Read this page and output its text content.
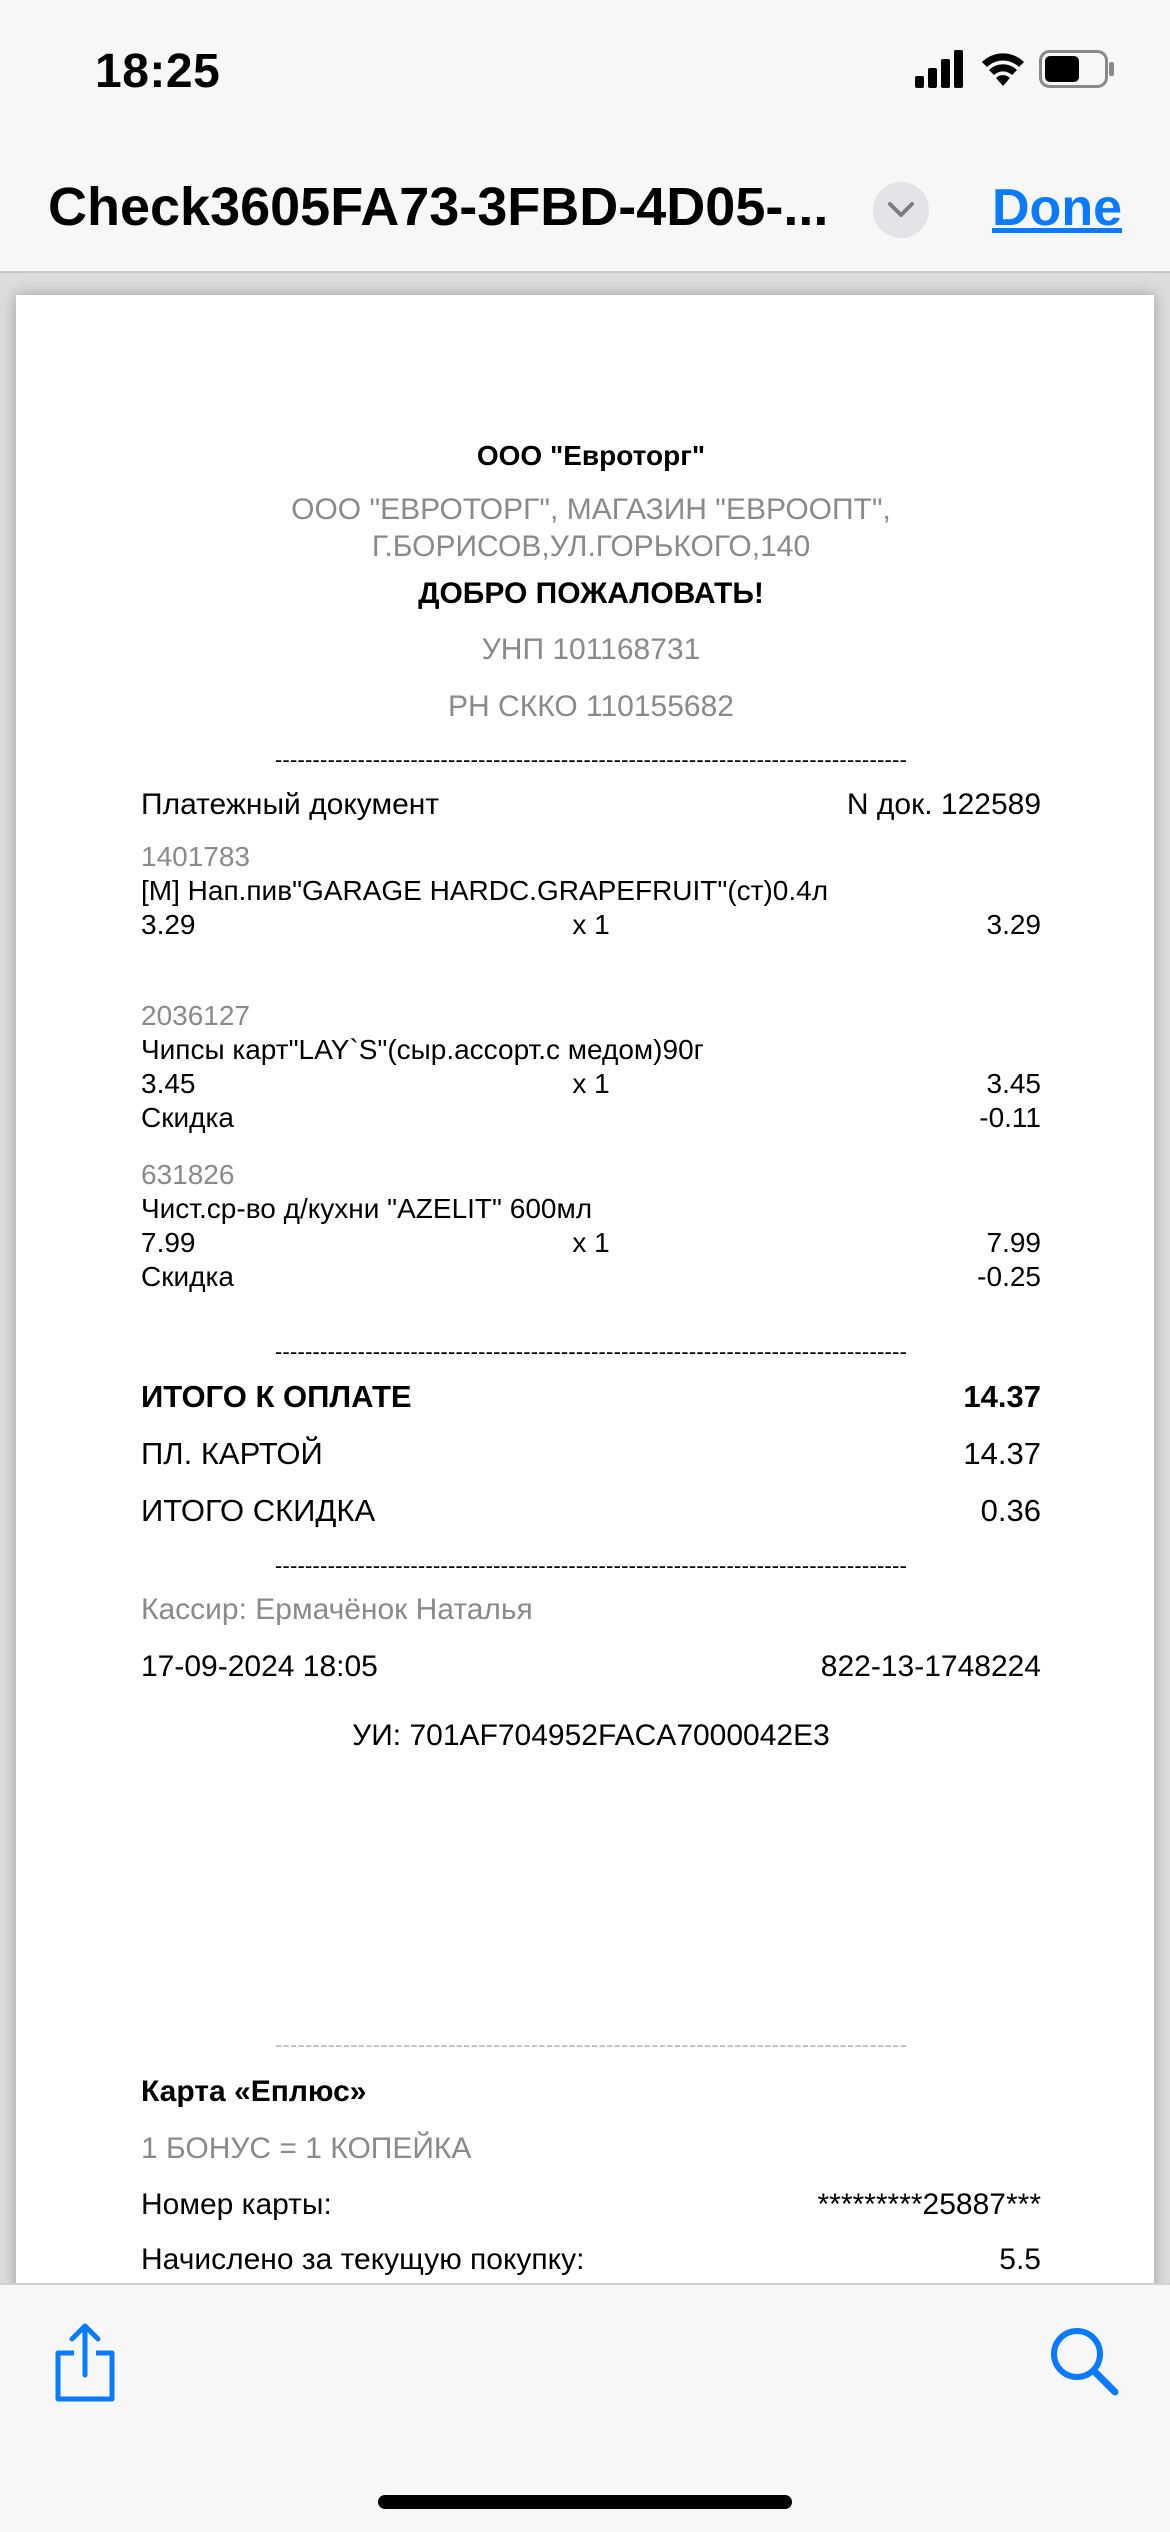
18:25
Check3605FA73-3FBD-4D05-...	Done
ООО "Евроторг"
ООО "ЕВРОТОРГ", МАГАЗИН "ЕВРООПТ",
Г.БОРИСОВ,УЛ.ГОРЬКОГО,140
ДОБРО ПОЖАЛОВАТЬ!
УНП 101168731
РН СККО 110155682
------------------------------------------------------------------------------------
Платежный документ	N док. 122589
1401783
[M] Нап.пив"GARAGE HARDC.GRAPEFRUIT"(ст)0.4л
3.29	x 1	3.29
2036127
Чипсы карт"LAY`S"(сыр.ассорт.с медом)90г
3.45	x 1	3.45
Скидка	-0.11
631826
Чист.ср-во д/кухни "AZELIT" 600мл
7.99	x 1	7.99
Скидка	-0.25
------------------------------------------------------------------------------------
ИТОГО К ОПЛАТЕ	14.37
ПЛ. КАРТОЙ	14.37
ИТОГО СКИДКА	0.36
------------------------------------------------------------------------------------
Кассир: Ермачёнок Наталья
17-09-2024 18:05	822-13-1748224
УИ: 701AF704952FACA7000042E3
------------------------------------------------------------------------------------
Карта «Еплюс»
1 БОНУС = 1 КОПЕЙКА
Номер карты:	*********25887***
Начислено за текущую покупку:	5.5
